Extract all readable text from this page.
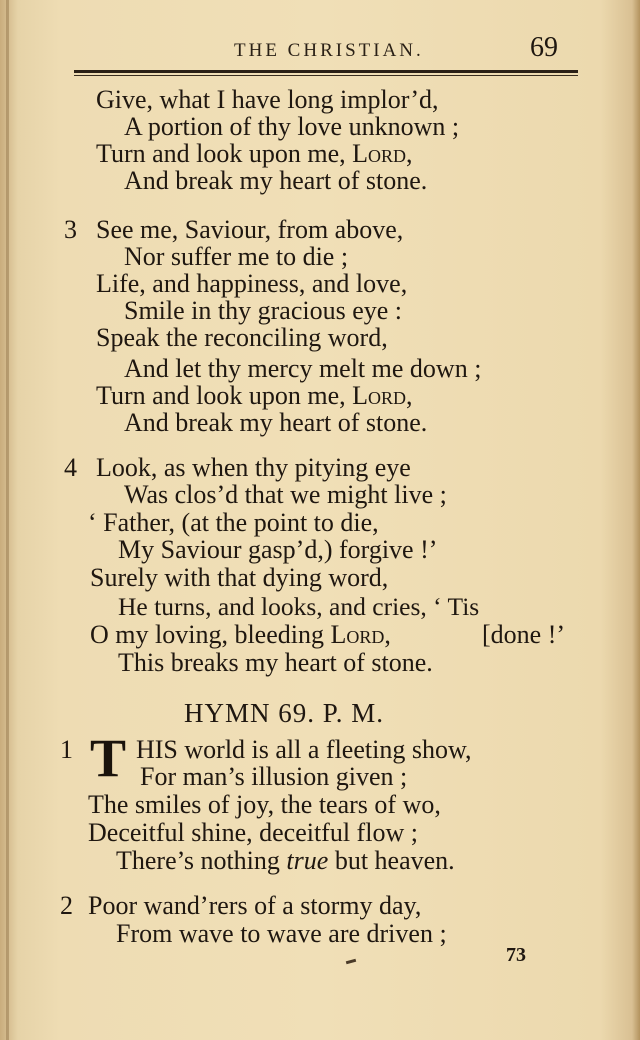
THE CHRISTIAN.	69
Give, what I have long implor’d,
A portion of thy love unknown ;
Turn and look upon me, Lord,
And break my heart of stone.
3 See me, Saviour, from above,
Nor suffer me to die ;
Life, and happiness, and love,
Smile in thy gracious eye :
Speak the reconciling word,
And let thy mercy melt me down ;
Turn and look upon me, Lord,
And break my heart of stone.
4 Look, as when thy pitying eye
Was clos’d that we might live ;
‘ Father, (at the point to die,
My Saviour gasp’d,) forgive !’
Surely with that dying word,
He turns, and looks, and cries, ‘ Tis
O my loving, bleeding Lord,	[done !’
This breaks my heart of stone.
HYMN 69. P. M.
1 T HIS world is all a fleeting show,
For man’s illusion given ;
The smiles of joy, the tears of wo,
Deceitful shine, deceitful flow ;
There’s nothing true but heaven.
2 Poor wand’rers of a stormy day,
From wave to wave are driven ;
73
